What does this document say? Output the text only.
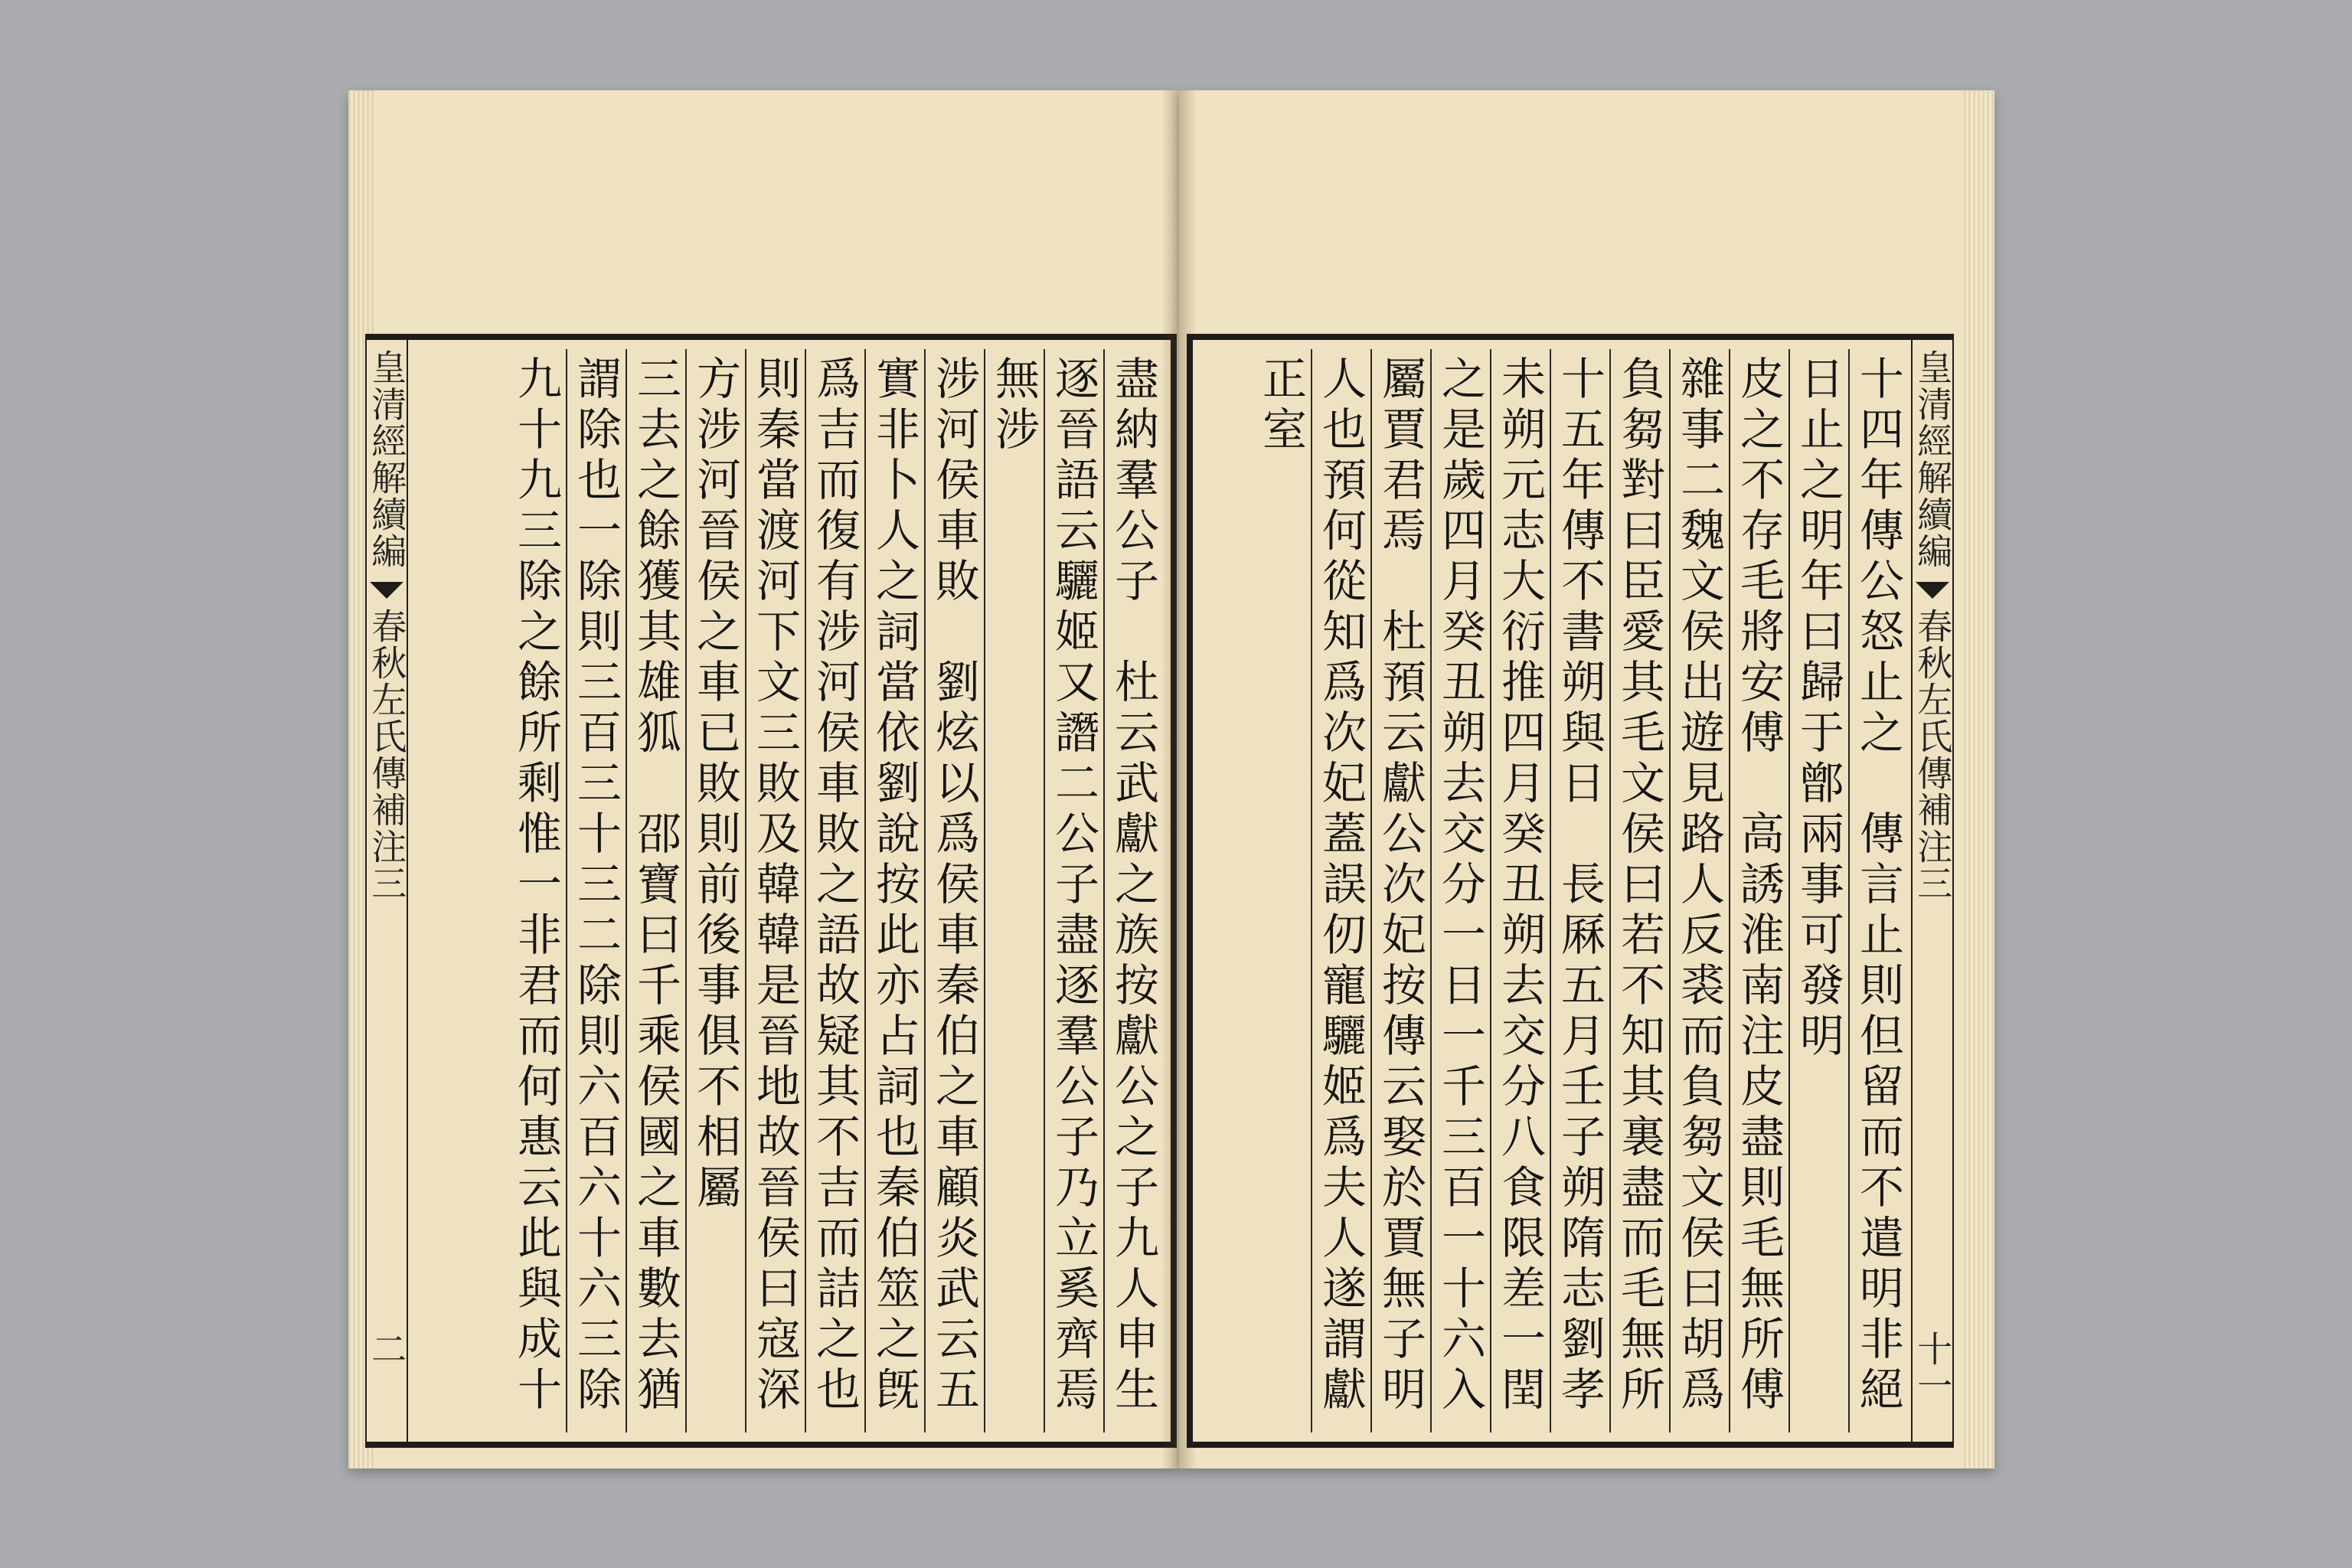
皇清經解續編
春秋左氏傳補注三
二
盡納羣公子　杜云武獻之族按獻公之子九人申生
逐晉語云驪姬又譖二公子盡逐羣公子乃立奚齊焉
無涉
涉河侯車敗　劉炫以爲侯車秦伯之車顧炎武云五
實非卜人之詞當依劉說按此亦占詞也秦伯筮之旣
爲吉而復有涉河侯車敗之語故疑其不吉而詰之也
則秦當渡河下文三敗及韓韓是晉地故晉侯曰寇深
方涉河晉侯之車已敗則前後事俱不相屬
三去之餘獲其雄狐　邵寶曰千乘侯國之車數去猶
謂除也一除則三百三十三二除則六百六十六三除
九十九三除之餘所剩惟一非君而何惠云此與成十
皇清經解續編
春秋左氏傳補注三
十一
十四年傳公怒止之　傳言止則但留而不遣明非絕
日止之明年曰歸于鄫兩事可發明
皮之不存毛將安傅　高誘淮南注皮盡則毛無所傅
雜事二魏文侯出遊見路人反裘而負芻文侯曰胡爲
負芻對曰臣愛其毛文侯曰若不知其裏盡而毛無所
十五年傳不書朔與日　長厤五月壬子朔隋志劉孝
未朔元志大衍推四月癸丑朔去交分八食限差一閏
之是歲四月癸丑朔去交分一日一千三百一十六入
屬賈君焉　杜預云獻公次妃按傳云娶於賈無子明
人也預何從知爲次妃蓋誤仞寵驪姬爲夫人遂謂獻
正室
